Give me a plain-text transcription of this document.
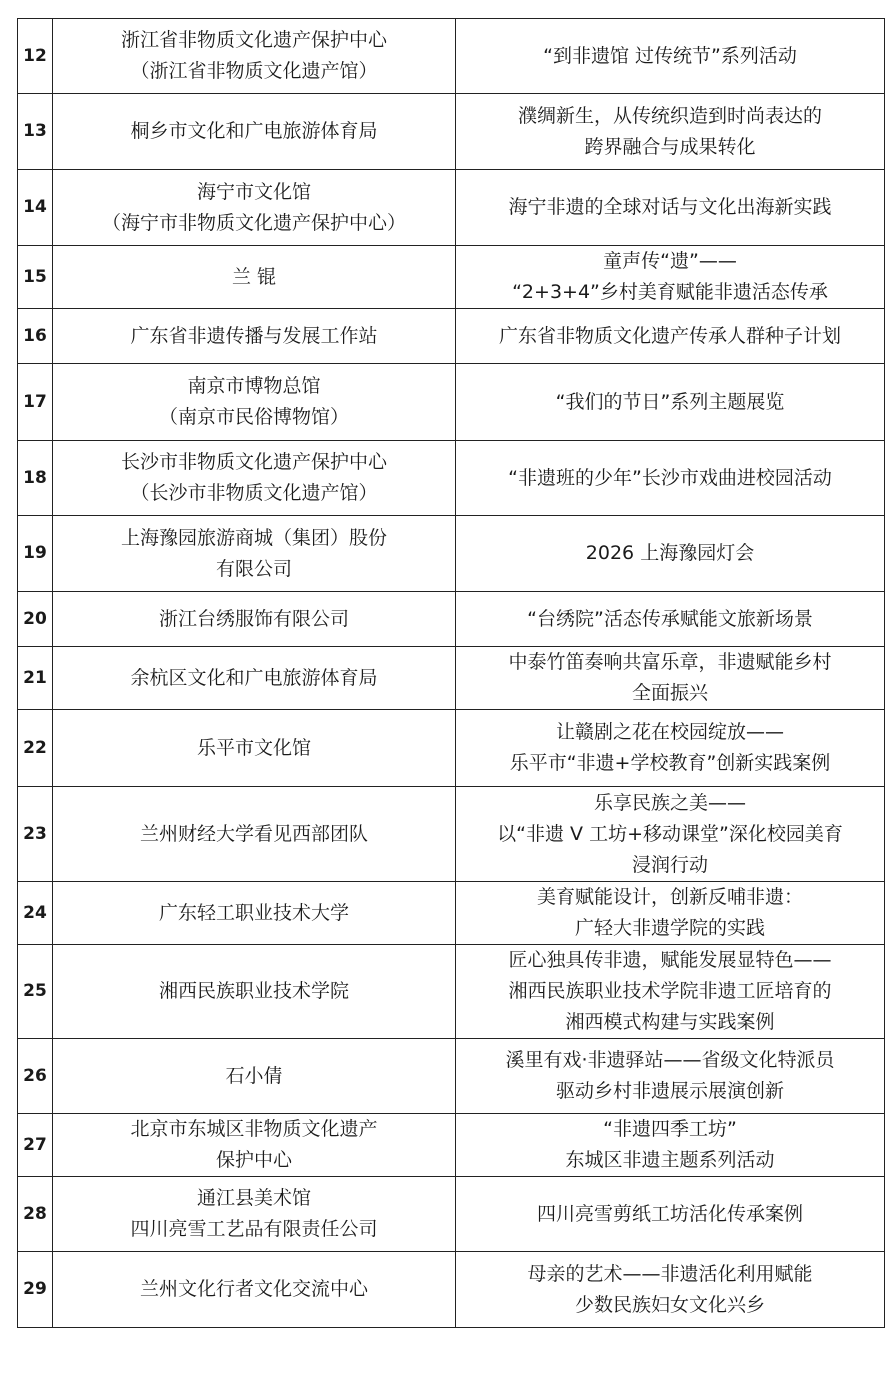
12	浙江省非物质文化遗产保护中心
（浙江省非物质文化遗产馆）	“到非遗馆 过传统节”系列活动

13	桐乡市文化和广电旅游体育局	濮绸新生，从传统织造到时尚表达的
跨界融合与成果转化

14	海宁市文化馆
（海宁市非物质文化遗产保护中心）	海宁非遗的全球对话与文化出海新实践

15	兰 锟	童声传“遗”——
“2+3+4”乡村美育赋能非遗活态传承

16	广东省非遗传播与发展工作站	广东省非物质文化遗产传承人群种子计划

17	南京市博物总馆
（南京市民俗博物馆）	“我们的节日”系列主题展览

18	长沙市非物质文化遗产保护中心
（长沙市非物质文化遗产馆）	“非遗班的少年”长沙市戏曲进校园活动

19	上海豫园旅游商城（集团）股份
有限公司	2026 上海豫园灯会

20	浙江台绣服饰有限公司	“台绣院”活态传承赋能文旅新场景

21	余杭区文化和广电旅游体育局	中泰竹笛奏响共富乐章，非遗赋能乡村
全面振兴

22	乐平市文化馆	让赣剧之花在校园绽放——
乐平市“非遗+学校教育”创新实践案例

23	兰州财经大学看见西部团队	乐享民族之美——
以“非遗 V 工坊+移动课堂”深化校园美育
浸润行动

24	广东轻工职业技术大学	美育赋能设计，创新反哺非遗：
广轻大非遗学院的实践

25	湘西民族职业技术学院	匠心独具传非遗，赋能发展显特色——
湘西民族职业技术学院非遗工匠培育的
湘西模式构建与实践案例

26	石小倩	溪里有戏·非遗驿站——省级文化特派员
驱动乡村非遗展示展演创新

27	北京市东城区非物质文化遗产
保护中心	“非遗四季工坊”
东城区非遗主题系列活动

28	通江县美术馆
四川亮雪工艺品有限责任公司	四川亮雪剪纸工坊活化传承案例

29	兰州文化行者文化交流中心	母亲的艺术——非遗活化利用赋能
少数民族妇女文化兴乡
